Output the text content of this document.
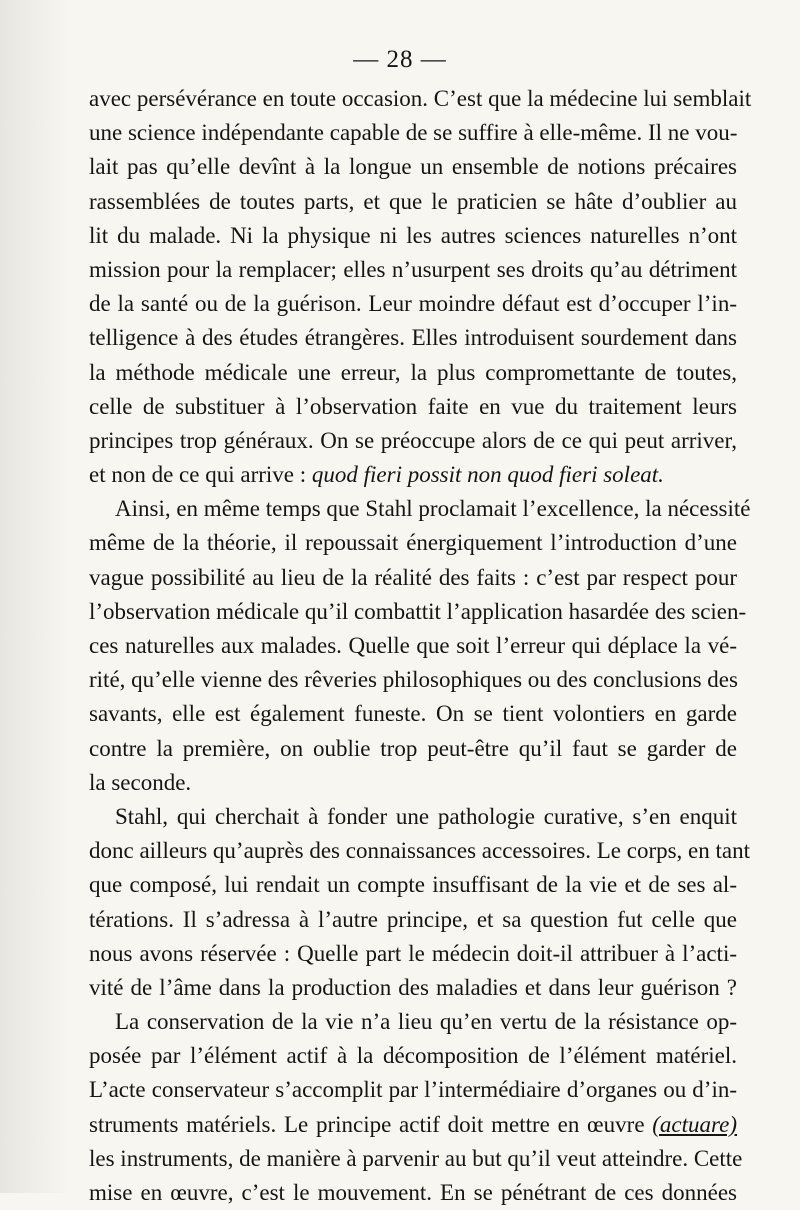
— 28 —
avec persévérance en toute occasion. C’est que la médecine lui semblait
une science indépendante capable de se suffire à elle-même. Il ne vou-
lait pas qu’elle devînt à la longue un ensemble de notions précaires
rassemblées de toutes parts, et que le praticien se hâte d’oublier au
lit du malade. Ni la physique ni les autres sciences naturelles n’ont
mission pour la remplacer; elles n’usurpent ses droits qu’au détriment
de la santé ou de la guérison. Leur moindre défaut est d’occuper l’in-
telligence à des études étrangères. Elles introduisent sourdement dans
la méthode médicale une erreur, la plus compromettante de toutes,
celle de substituer à l’observation faite en vue du traitement leurs
principes trop généraux. On se préoccupe alors de ce qui peut arriver,
et non de ce qui arrive : quod fieri possit non quod fieri soleat.
Ainsi, en même temps que Stahl proclamait l’excellence, la nécessité
même de la théorie, il repoussait énergiquement l’introduction d’une
vague possibilité au lieu de la réalité des faits : c’est par respect pour
l’observation médicale qu’il combattit l’application hasardée des scien-
ces naturelles aux malades. Quelle que soit l’erreur qui déplace la vé-
rité, qu’elle vienne des rêveries philosophiques ou des conclusions des
savants, elle est également funeste. On se tient volontiers en garde
contre la première, on oublie trop peut-être qu’il faut se garder de
la seconde.
Stahl, qui cherchait à fonder une pathologie curative, s’en enquit
donc ailleurs qu’auprès des connaissances accessoires. Le corps, en tant
que composé, lui rendait un compte insuffisant de la vie et de ses al-
térations. Il s’adressa à l’autre principe, et sa question fut celle que
nous avons réservée : Quelle part le médecin doit-il attribuer à l’acti-
vité de l’âme dans la production des maladies et dans leur guérison ?
La conservation de la vie n’a lieu qu’en vertu de la résistance op-
posée par l’élément actif à la décomposition de l’élément matériel.
L’acte conservateur s’accomplit par l’intermédiaire d’organes ou d’in-
struments matériels. Le principe actif doit mettre en œuvre (actuare)
les instruments, de manière à parvenir au but qu’il veut atteindre. Cette
mise en œuvre, c’est le mouvement. En se pénétrant de ces données
